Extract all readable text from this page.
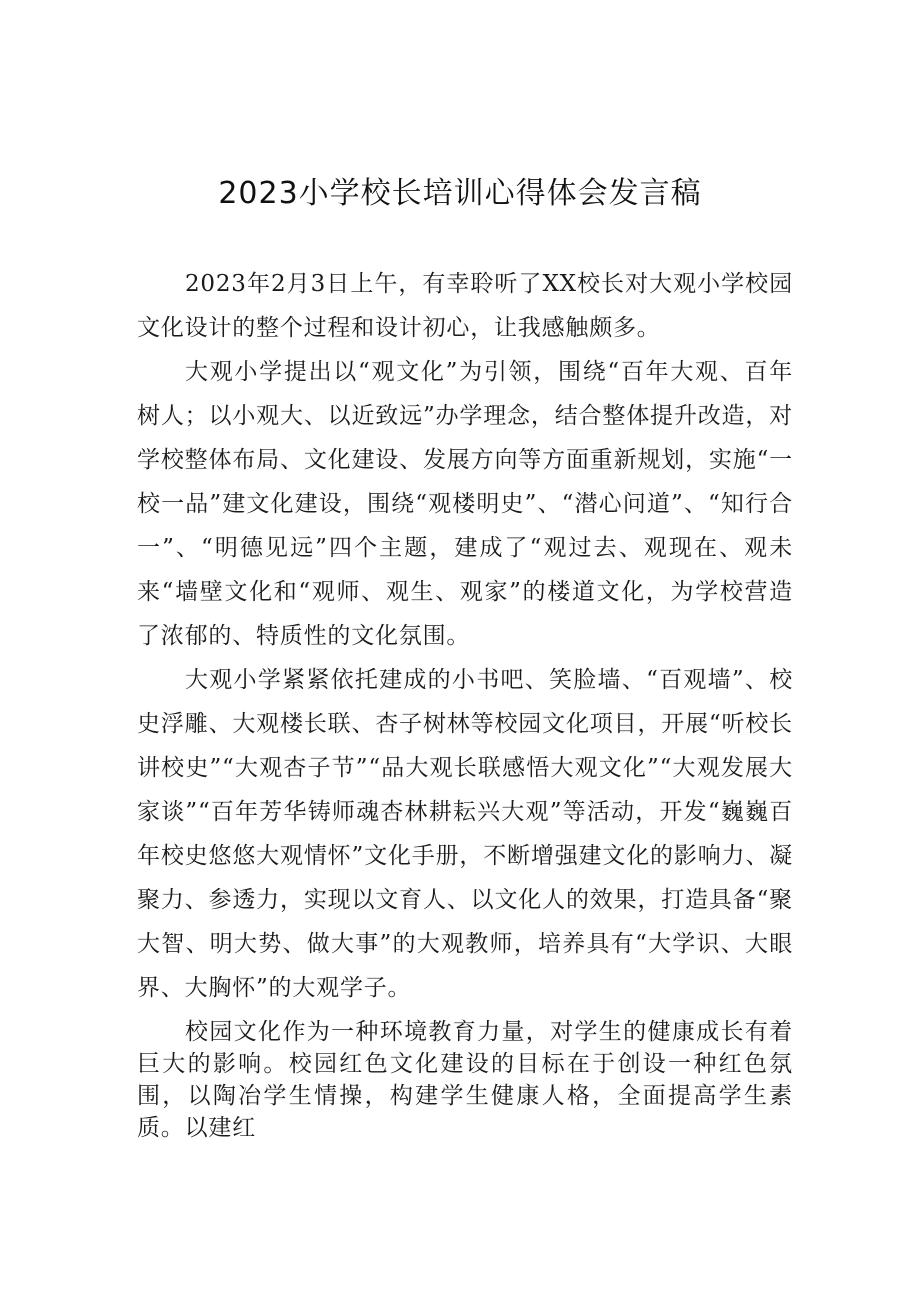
2023小学校长培训心得体会发言稿

2023年2月3日上午，有幸聆听了XX校长对大观小学校园文化设计的整个过程和设计初心，让我感触颇多。

大观小学提出以“观文化”为引领，围绕“百年大观、百年树人；以小观大、以近致远”办学理念，结合整体提升改造，对学校整体布局、文化建设、发展方向等方面重新规划，实施“一校一品”建文化建设，围绕“观楼明史”、“潜心问道”、“知行合一”、“明德见远”四个主题，建成了“观过去、观现在、观未来“墙壁文化和“观师、观生、观家”的楼道文化，为学校营造了浓郁的、特质性的文化氛围。

大观小学紧紧依托建成的小书吧、笑脸墙、“百观墙”、校史浮雕、大观楼长联、杏子树林等校园文化项目，开展“听校长讲校史”“大观杏子节”“品大观长联感悟大观文化”“大观发展大家谈”“百年芳华铸师魂杏林耕耘兴大观”等活动，开发“巍巍百年校史悠悠大观情怀”文化手册，不断增强建文化的影响力、凝聚力、参透力，实现以文育人、以文化人的效果，打造具备“聚大智、明大势、做大事”的大观教师，培养具有“大学识、大眼界、大胸怀”的大观学子。

校园文化作为一种环境教育力量，对学生的健康成长有着巨大的影响。校园红色文化建设的目标在于创设一种红色氛围，以陶冶学生情操，构建学生健康人格，全面提高学生素质。以建红
